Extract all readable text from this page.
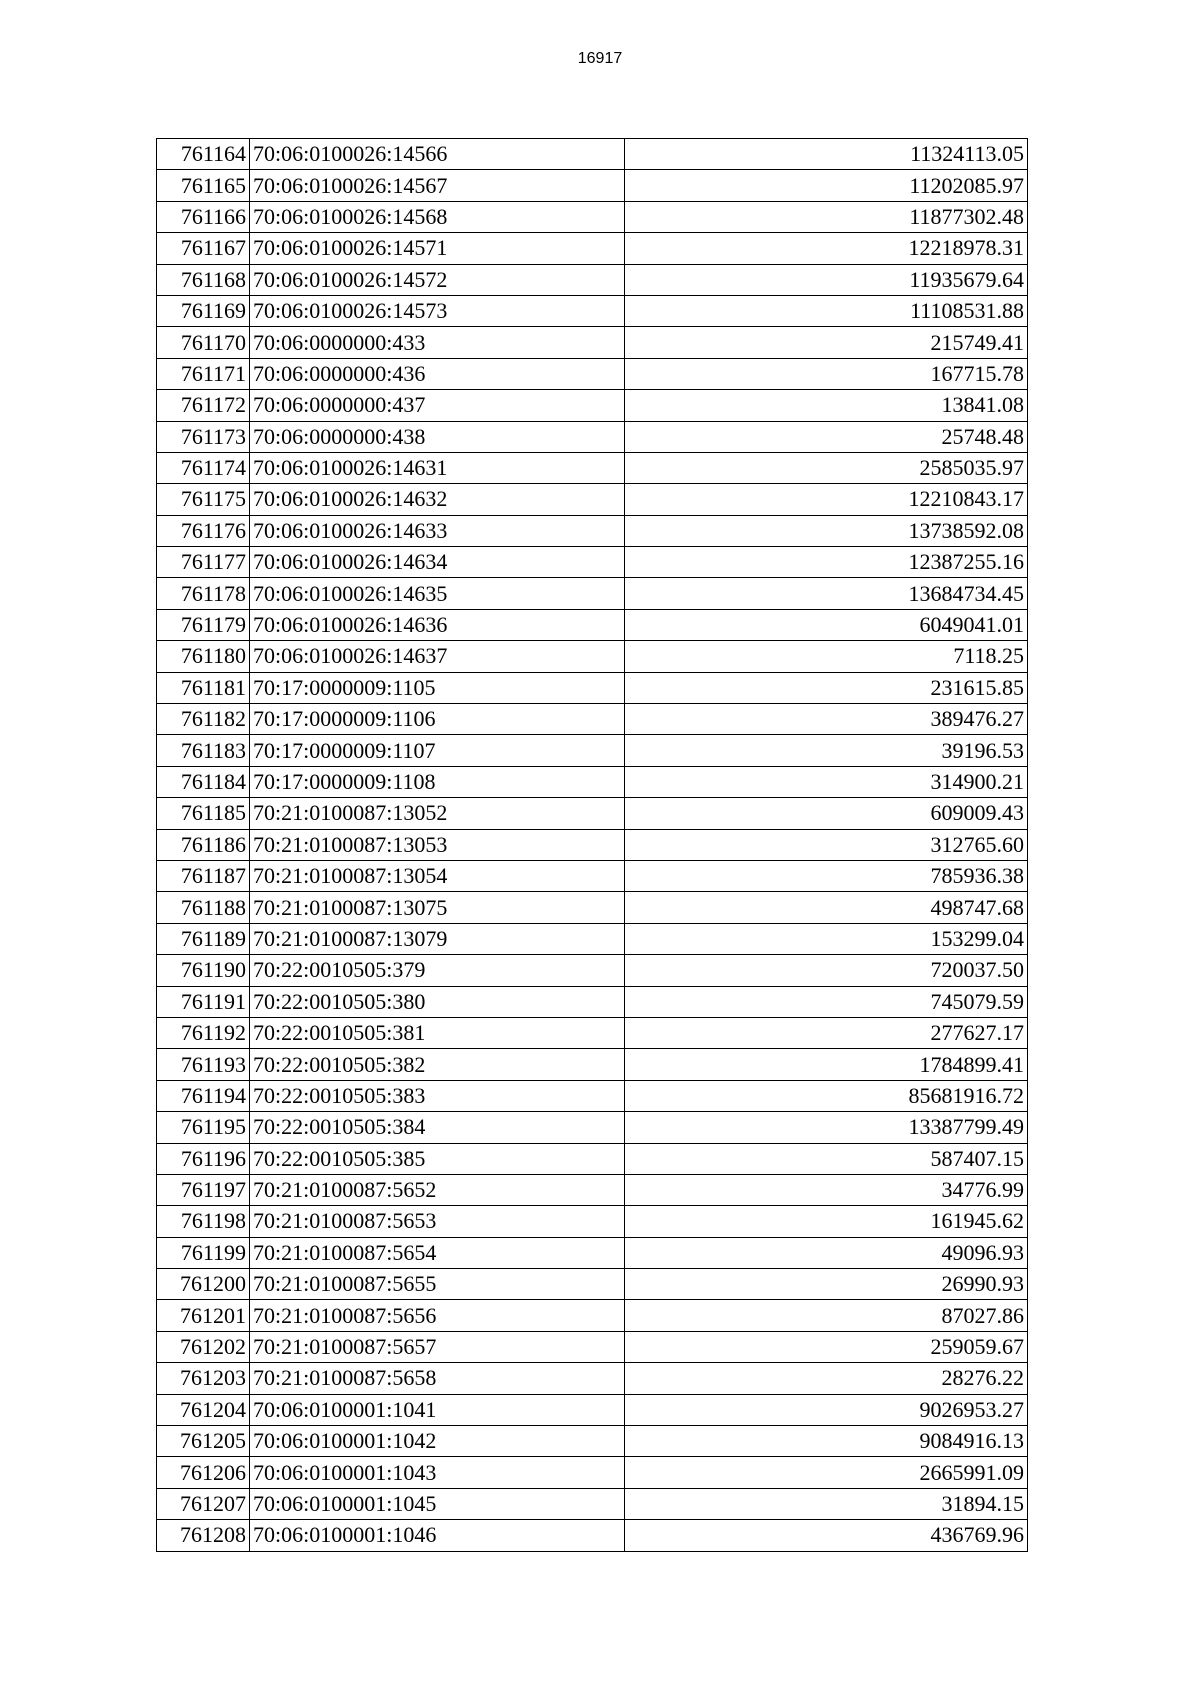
16917
761164	70:06:0100026:14566	11324113.05
761165	70:06:0100026:14567	11202085.97
761166	70:06:0100026:14568	11877302.48
761167	70:06:0100026:14571	12218978.31
761168	70:06:0100026:14572	11935679.64
761169	70:06:0100026:14573	11108531.88
761170	70:06:0000000:433	215749.41
761171	70:06:0000000:436	167715.78
761172	70:06:0000000:437	13841.08
761173	70:06:0000000:438	25748.48
761174	70:06:0100026:14631	2585035.97
761175	70:06:0100026:14632	12210843.17
761176	70:06:0100026:14633	13738592.08
761177	70:06:0100026:14634	12387255.16
761178	70:06:0100026:14635	13684734.45
761179	70:06:0100026:14636	6049041.01
761180	70:06:0100026:14637	7118.25
761181	70:17:0000009:1105	231615.85
761182	70:17:0000009:1106	389476.27
761183	70:17:0000009:1107	39196.53
761184	70:17:0000009:1108	314900.21
761185	70:21:0100087:13052	609009.43
761186	70:21:0100087:13053	312765.60
761187	70:21:0100087:13054	785936.38
761188	70:21:0100087:13075	498747.68
761189	70:21:0100087:13079	153299.04
761190	70:22:0010505:379	720037.50
761191	70:22:0010505:380	745079.59
761192	70:22:0010505:381	277627.17
761193	70:22:0010505:382	1784899.41
761194	70:22:0010505:383	85681916.72
761195	70:22:0010505:384	13387799.49
761196	70:22:0010505:385	587407.15
761197	70:21:0100087:5652	34776.99
761198	70:21:0100087:5653	161945.62
761199	70:21:0100087:5654	49096.93
761200	70:21:0100087:5655	26990.93
761201	70:21:0100087:5656	87027.86
761202	70:21:0100087:5657	259059.67
761203	70:21:0100087:5658	28276.22
761204	70:06:0100001:1041	9026953.27
761205	70:06:0100001:1042	9084916.13
761206	70:06:0100001:1043	2665991.09
761207	70:06:0100001:1045	31894.15
761208	70:06:0100001:1046	436769.96
